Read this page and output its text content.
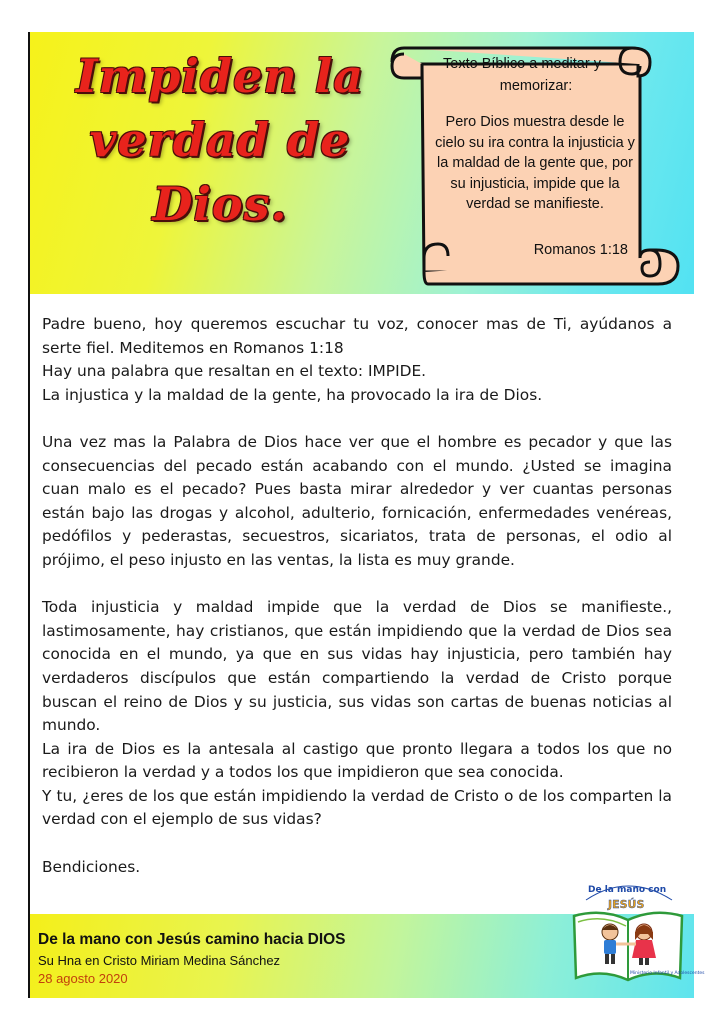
Impiden la
verdad de
Dios.
Texto Bíblico a meditar y
memorizar:
Pero Dios muestra desde le cielo su ira contra la injusticia y la maldad de la gente que, por su injusticia, impide que la verdad se manifieste.
Romanos 1:18

Padre bueno, hoy queremos escuchar tu voz, conocer mas de Ti, ayúdanos a serte fiel. Meditemos en Romanos 1:18

Hay una palabra que resaltan en el texto: IMPIDE.

La injustica y la maldad de la gente, ha provocado la ira de Dios.

Una vez mas la Palabra de Dios hace ver que el hombre es pecador y que las consecuencias del pecado están acabando con el mundo. ¿Usted se imagina cuan malo es el pecado? Pues basta mirar alrededor y ver cuantas personas están bajo las drogas y alcohol, adulterio, fornicación, enfermedades venéreas, pedófilos y pederastas, secuestros, sicariatos, trata de personas, el odio al prójimo, el peso injusto en las ventas, la lista es muy grande.

Toda injusticia y maldad impide que la verdad de Dios se manifieste., lastimosamente, hay cristianos, que están impidiendo que la verdad de Dios sea conocida en el mundo, ya que en sus vidas hay injusticia, pero también hay verdaderos discípulos que están compartiendo la verdad de Cristo porque buscan el reino de Dios y su justicia, sus vidas son cartas de buenas noticias al mundo.

La ira de Dios es la antesala al castigo que pronto llegara a todos los que no recibieron la verdad y a todos los que impidieron que sea conocida.

Y tu, ¿eres de los que están impidiendo la verdad de Cristo o de los comparten la verdad con el ejemplo de sus vidas?

Bendiciones.

De la mano con Jesús camino hacia DIOS
Su Hna en Cristo Miriam Medina Sánchez
28 agosto 2020
De la mano con
JESÚS
Ministerio Infantil y Adolescentes
